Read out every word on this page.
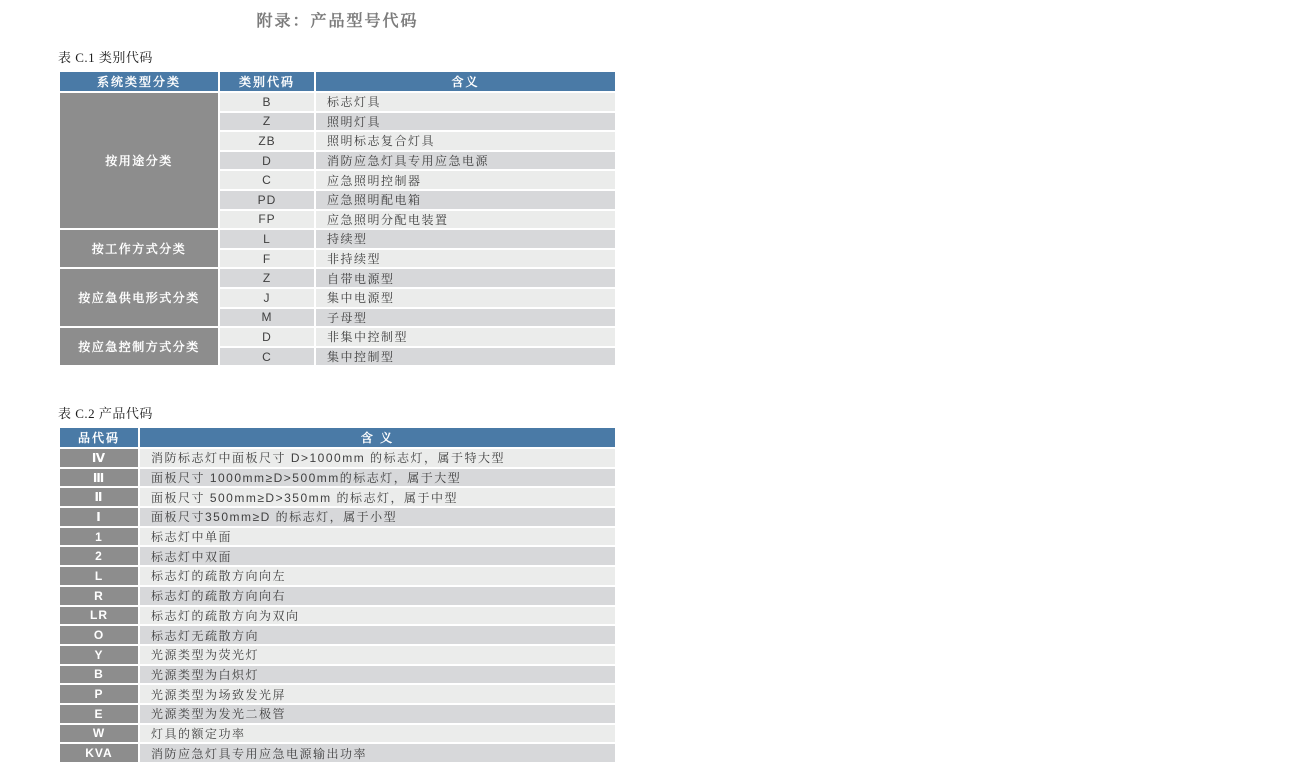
附录：产品型号代码
表 C.1 类别代码
系统类型分类	类别代码	含义
按用途分类
B	标志灯具
Z	照明灯具
ZB	照明标志复合灯具
D	消防应急灯具专用应急电源
C	应急照明控制器
PD	应急照明配电箱
FP	应急照明分配电装置
按工作方式分类
L	持续型
F	非持续型
按应急供电形式分类
Z	自带电源型
J	集中电源型
M	子母型
按应急控制方式分类
D	非集中控制型
C	集中控制型
表 C.2 产品代码
品代码	含 义
Ⅳ	消防标志灯中面板尺寸 D>1000mm 的标志灯，属于特大型
Ⅲ	面板尺寸 1000mm≥D>500mm的标志灯，属于大型
Ⅱ	面板尺寸 500mm≥D>350mm 的标志灯，属于中型
Ⅰ	面板尺寸350mm≥D 的标志灯，属于小型
1	标志灯中单面
2	标志灯中双面
L	标志灯的疏散方向向左
R	标志灯的疏散方向向右
LR	标志灯的疏散方向为双向
O	标志灯无疏散方向
Y	光源类型为荧光灯
B	光源类型为白炽灯
P	光源类型为场致发光屏
E	光源类型为发光二极管
W	灯具的额定功率
KVA	消防应急灯具专用应急电源输出功率
